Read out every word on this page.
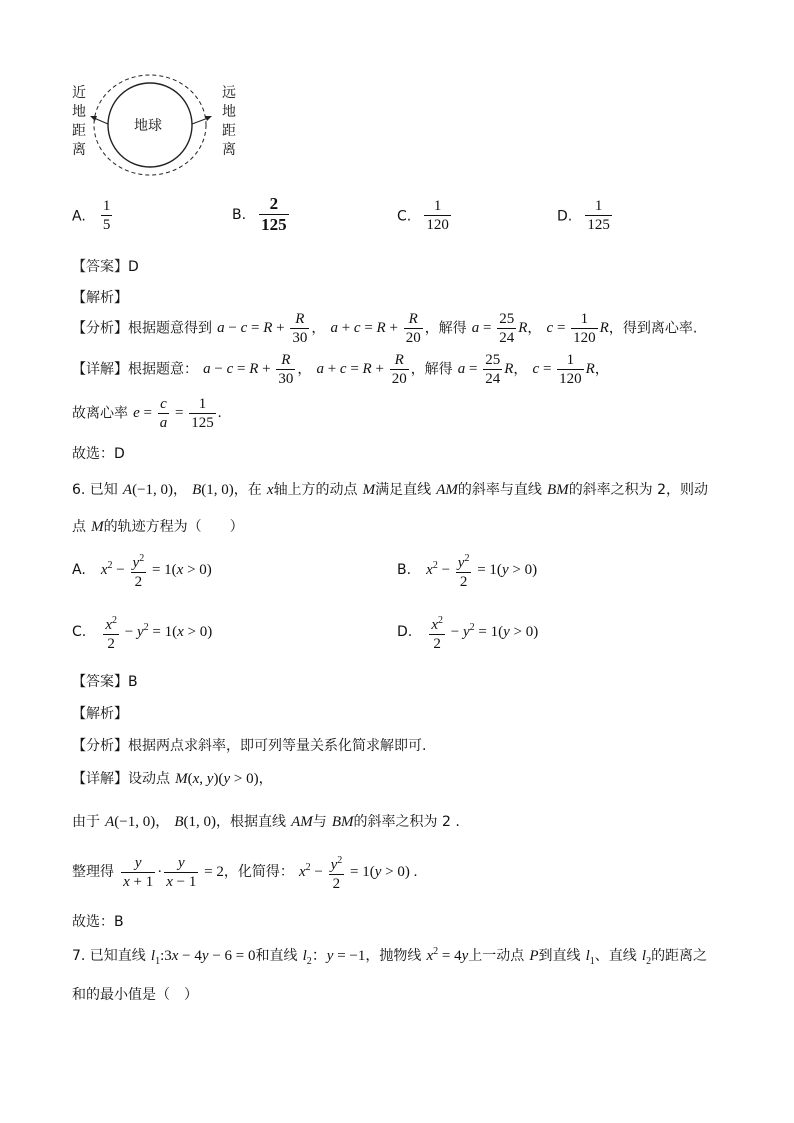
地球
近
地
距
离
远
地
距
离
A. $\frac{1}{5}$	B. $\frac{2}{125}$	C. $\frac{1}{120}$	D. $\frac{1}{125}$
【答案】D
【解析】
【分析】根据题意得到 $a - c = R + \frac{R}{30}$ ， $a + c = R + \frac{R}{20}$ ，解得 $a = \frac{25}{24}$ R， $c = \frac{1}{120}$ R，得到离心率.
【详解】根据题意： $a - c = R + \frac{R}{30}$ ， $a + c = R + \frac{R}{20}$ ，解得 $a = \frac{25}{24}$ R， $c = \frac{1}{120}$ R，
故离心率 $e = \frac{c}{a} = \frac{1}{125}$ .
故选：D
6. 已知 A(−1, 0)， B(1, 0)，在 x轴上方的动点 M满足直线 AM的斜率与直线 BM的斜率之积为 2，则动
点 M的轨迹方程为（　　）
A. $x^2 - \frac{y^2}{2} = 1(x > 0)$	B. $x^2 - \frac{y^2}{2} = 1(y > 0)$
C. $\frac{x^2}{2} - y^2 = 1(x > 0)$	D. $\frac{x^2}{2} - y^2 = 1(y > 0)$
【答案】B
【解析】
【分析】根据两点求斜率，即可列等量关系化简求解即可.
【详解】设动点 M(x, y)(y > 0)，
由于 A(−1, 0)， B(1, 0)，根据直线 AM与 BM的斜率之积为 2 .
整理得 $\frac{y}{x + 1} \cdot \frac{y}{x - 1} = 2$，化简得： $x^2 - \frac{y^2}{2} = 1(y > 0)$ .
故选：B
7. 已知直线 $l_1:3x - 4y - 6 = 0$和直线 $l_2$：y = −1，抛物线 $x^2 = 4y$上一动点 P到直线 $l_1$、直线 $l_2$的距离之
和的最小值是（　）
